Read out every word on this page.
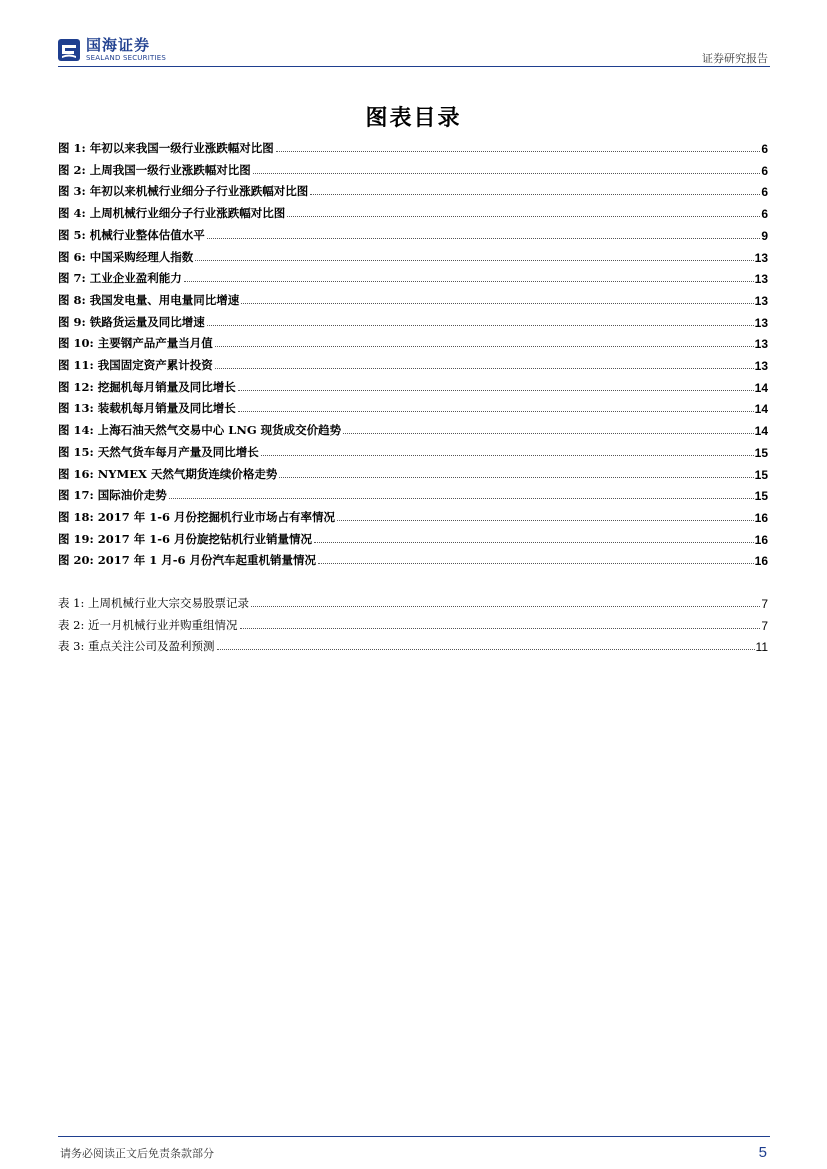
国海证券
SEALAND SECURITIES	证券研究报告
图表目录
图 1: 年初以来我国一级行业涨跌幅对比图	6
图 2: 上周我国一级行业涨跌幅对比图	6
图 3: 年初以来机械行业细分子行业涨跌幅对比图	6
图 4: 上周机械行业细分子行业涨跌幅对比图	6
图 5: 机械行业整体估值水平	9
图 6: 中国采购经理人指数	13
图 7: 工业企业盈利能力	13
图 8: 我国发电量、用电量同比增速	13
图 9: 铁路货运量及同比增速	13
图 10: 主要钢产品产量当月值	13
图 11: 我国固定资产累计投资	13
图 12: 挖掘机每月销量及同比增长	14
图 13: 装载机每月销量及同比增长	14
图 14: 上海石油天然气交易中心 LNG 现货成交价趋势	14
图 15: 天然气货车每月产量及同比增长	15
图 16: NYMEX 天然气期货连续价格走势	15
图 17: 国际油价走势	15
图 18: 2017 年 1-6 月份挖掘机行业市场占有率情况	16
图 19: 2017 年 1-6 月份旋挖钻机行业销量情况	16
图 20: 2017 年 1 月-6 月份汽车起重机销量情况	16
表 1: 上周机械行业大宗交易股票记录	7
表 2: 近一月机械行业并购重组情况	7
表 3: 重点关注公司及盈利预测	11
请务必阅读正文后免责条款部分	5
